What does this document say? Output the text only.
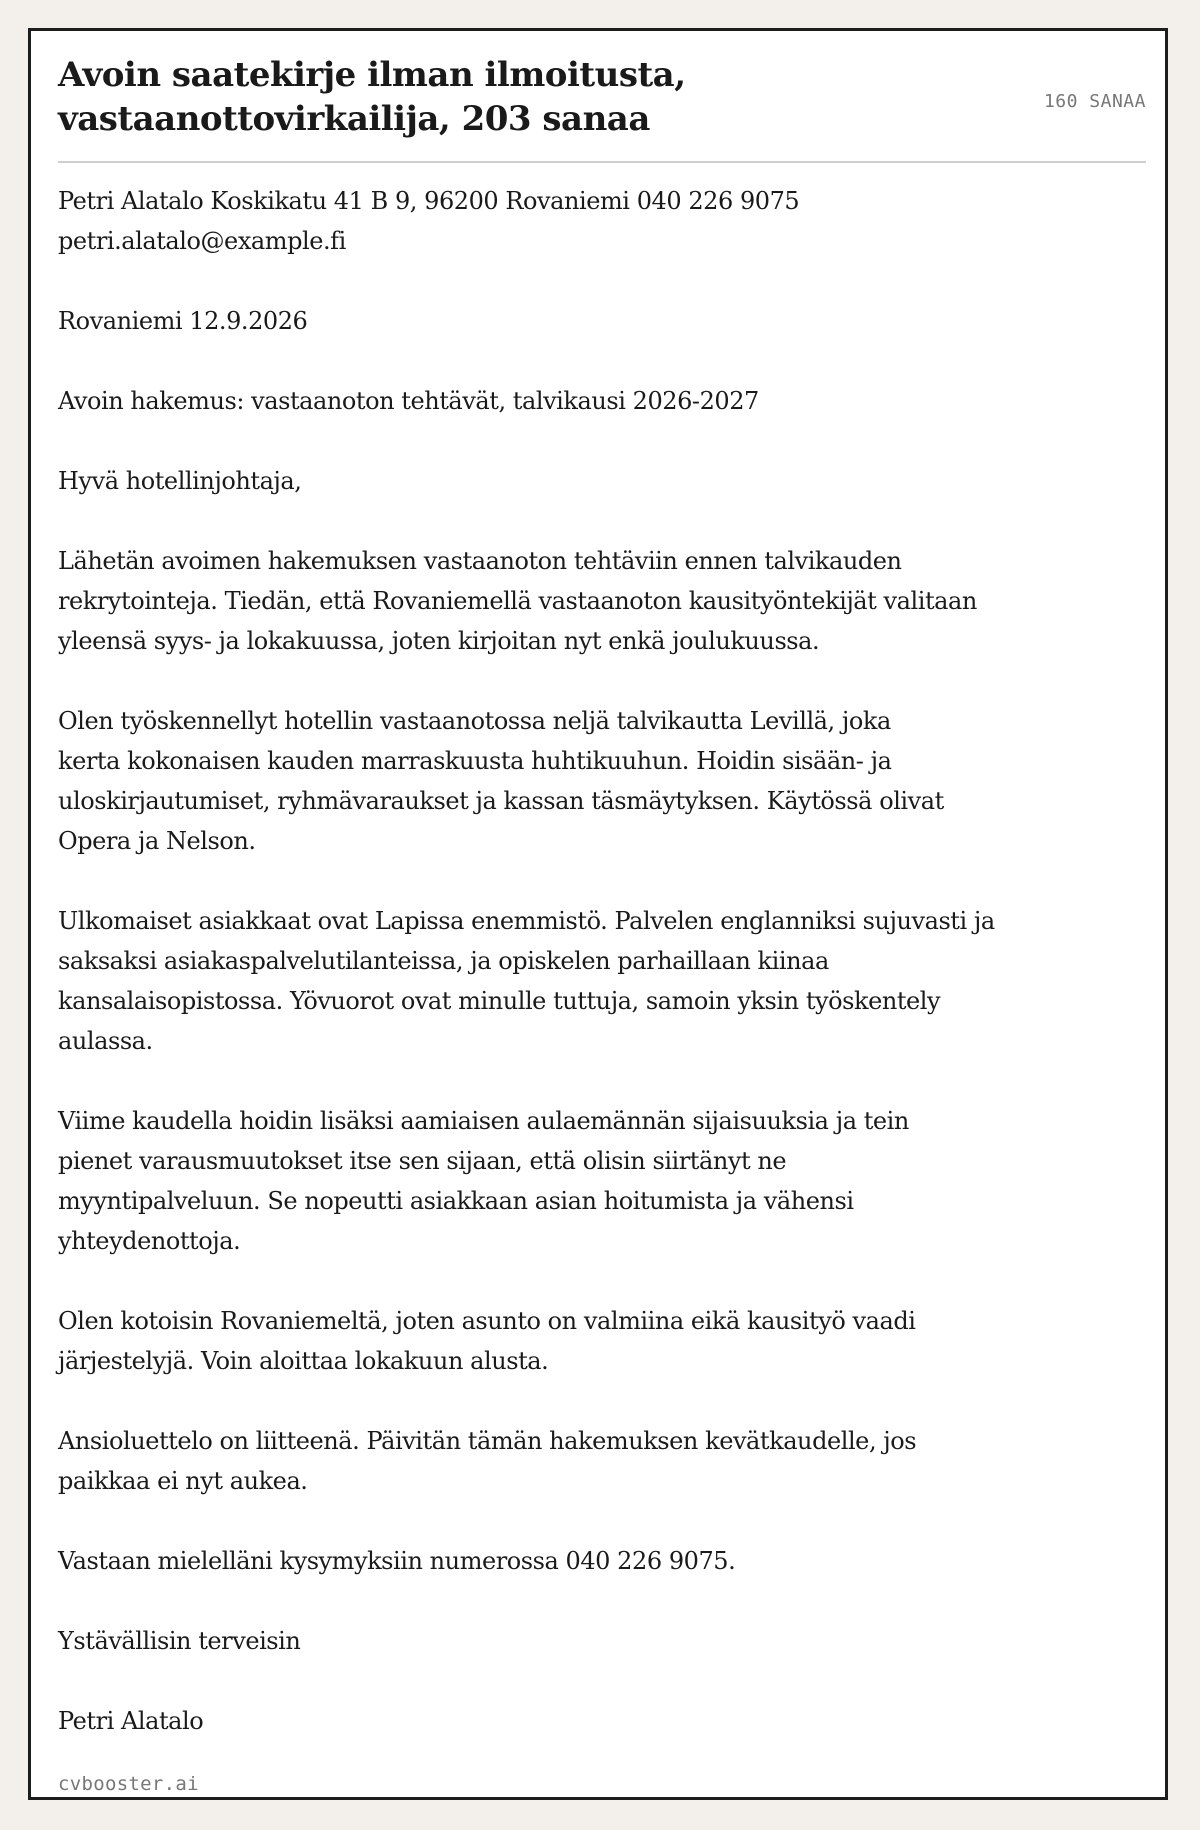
Avoin saatekirje ilman ilmoitusta, vastaanottovirkailija, 203 sanaa	160 SANAA

Petri Alatalo Koskikatu 41 B 9, 96200 Rovaniemi 040 226 9075
petri.alatalo@example.fi

Rovaniemi 12.9.2026

Avoin hakemus: vastaanoton tehtävät, talvikausi 2026-2027

Hyvä hotellinjohtaja,

Lähetän avoimen hakemuksen vastaanoton tehtäviin ennen talvikauden
rekrytointeja. Tiedän, että Rovaniemellä vastaanoton kausityöntekijät valitaan
yleensä syys- ja lokakuussa, joten kirjoitan nyt enkä joulukuussa.

Olen työskennellyt hotellin vastaanotossa neljä talvikautta Levillä, joka
kerta kokonaisen kauden marraskuusta huhtikuuhun. Hoidin sisään- ja
uloskirjautumiset, ryhmävaraukset ja kassan täsmäytyksen. Käytössä olivat
Opera ja Nelson.

Ulkomaiset asiakkaat ovat Lapissa enemmistö. Palvelen englanniksi sujuvasti ja
saksaksi asiakaspalvelutilanteissa, ja opiskelen parhaillaan kiinaa
kansalaisopistossa. Yövuorot ovat minulle tuttuja, samoin yksin työskentely
aulassa.

Viime kaudella hoidin lisäksi aamiaisen aulaemännän sijaisuuksia ja tein
pienet varausmuutokset itse sen sijaan, että olisin siirtänyt ne
myyntipalveluun. Se nopeutti asiakkaan asian hoitumista ja vähensi
yhteydenottoja.

Olen kotoisin Rovaniemeltä, joten asunto on valmiina eikä kausityö vaadi
järjestelyjä. Voin aloittaa lokakuun alusta.

Ansioluettelo on liitteenä. Päivitän tämän hakemuksen kevätkaudelle, jos
paikkaa ei nyt aukea.

Vastaan mielelläni kysymyksiin numerossa 040 226 9075.

Ystävällisin terveisin

Petri Alatalo

cvbooster.ai
